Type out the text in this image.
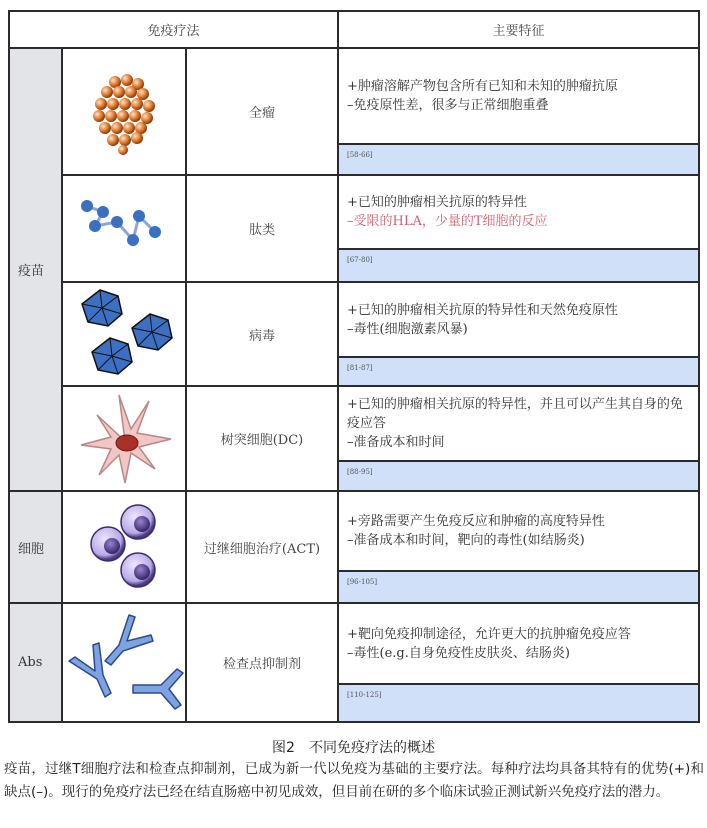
免疫疗法	主要特征
疫苗
细胞
Abs
全瘤
+肿瘤溶解产物包含所有已知和未知的肿瘤抗原
–免疫原性差，很多与正常细胞重叠
[58-66]
肽类
+已知的肿瘤相关抗原的特异性
–受限的HLA，少量的T细胞的反应
[67-80]
病毒
+已知的肿瘤相关抗原的特异性和天然免疫原性
–毒性(细胞激素风暴)
[81-87]
树突细胞(DC)
+已知的肿瘤相关抗原的特异性，并且可以产生其自身的免疫应答
–准备成本和时间
[88-95]
过继细胞治疗(ACT)
+旁路需要产生免疫反应和肿瘤的高度特异性
–准备成本和时间，靶向的毒性(如结肠炎)
[96-105]
检查点抑制剂
+靶向免疫抑制途径，允许更大的抗肿瘤免疫应答
–毒性(e.g.自身免疫性皮肤炎、结肠炎)
[110-125]
图2　不同免疫疗法的概述
疫苗，过继T细胞疗法和检查点抑制剂，已成为新一代以免疫为基础的主要疗法。每种疗法均具备其特有的优势(+)和缺点(–)。现行的免疫疗法已经在结直肠癌中初见成效，但目前在研的多个临床试验正测试新兴免疫疗法的潜力。
